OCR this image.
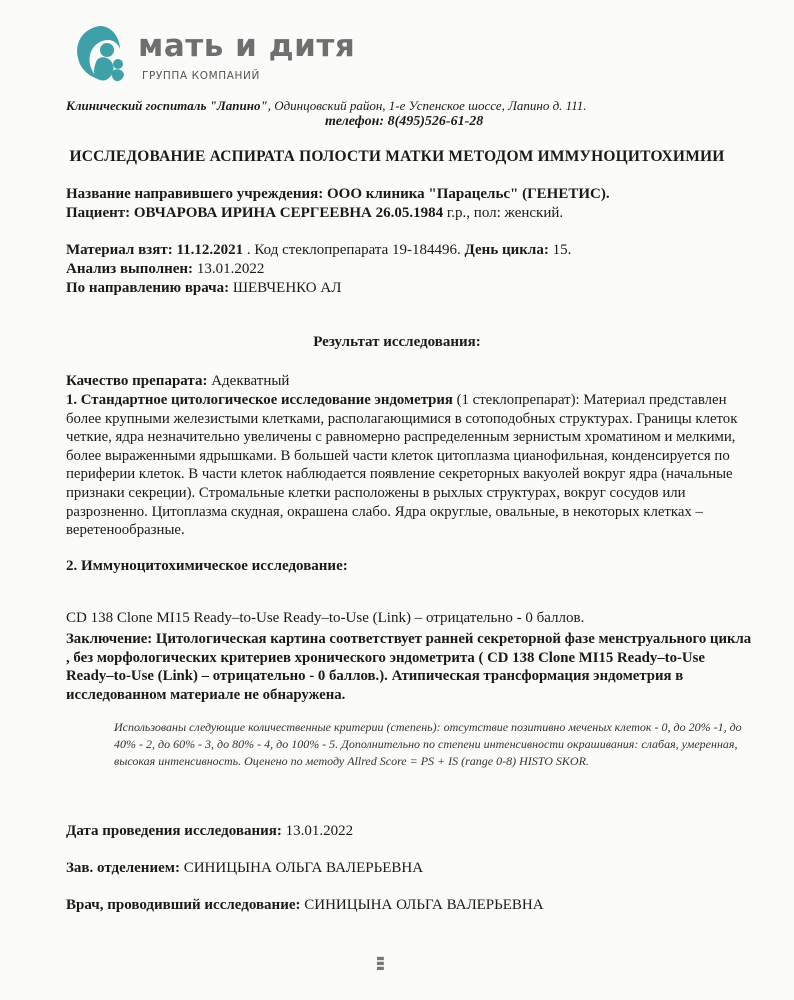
мать и дитя
ГРУППА КОМПАНИЙ
Клинический госпиталь "Лапино", Одинцовский район, 1-е Успенское шоссе, Лапино д. 111.
телефон: 8(495)526-61-28
ИССЛЕДОВАНИЕ АСПИРАТА ПОЛОСТИ МАТКИ МЕТОДОМ ИММУНОЦИТОХИМИИ
Название направившего учреждения: ООО клиника "Парацельс" (ГЕНЕТИС).
Пациент: ОВЧАРОВА ИРИНА СЕРГЕЕВНА 26.05.1984 г.р., пол: женский.
Материал взят: 11.12.2021 . Код стеклопрепарата 19-184496. День цикла: 15.
Анализ выполнен: 13.01.2022
По направлению врача: ШЕВЧЕНКО АЛ
Результат исследования:
Качество препарата: Адекватный
1. Стандартное цитологическое исследование эндометрия (1 стеклопрепарат): Материал представлен более крупными железистыми клетками, располагающимися в сотоподобных структурах. Границы клеток четкие, ядра незначительно увеличены с равномерно распределенным зернистым хроматином и мелкими, более выраженными ядрышками. В большей части клеток цитоплазма цианофильная, конденсируется по периферии клеток. В части клеток наблюдается появление секреторных вакуолей вокруг ядра (начальные признаки секреции). Стромальные клетки расположены в рыхлых структурах, вокруг сосудов или разрозненно. Цитоплазма скудная, окрашена слабо. Ядра округлые, овальные, в некоторых клетках – веретенообразные.
2. Иммуноцитохимическое исследование:
CD 138 Clone MI15 Ready–to-Use Ready–to-Use (Link) – отрицательно - 0 баллов.
Заключение: Цитологическая картина соответствует ранней секреторной фазе менструального цикла , без морфологических критериев хронического эндометрита ( CD 138 Clone MI15 Ready–to-Use Ready–to-Use (Link) – отрицательно - 0 баллов.). Атипическая трансформация эндометрия в исследованном материале не обнаружена.
Использованы следующие количественные критерии (степень): отсутствие позитивно меченых клеток - 0, до 20% -1, до 40% - 2, до 60% - 3, до 80% - 4, до 100% - 5. Дополнительно по степени интенсивности окрашивания: слабая, умеренная, высокая интенсивность. Оценено по методу Allred Score = PS + IS (range 0-8) HISTO SKOR.
Дата проведения исследования: 13.01.2022
Зав. отделением: СИНИЦЫНА ОЛЬГА ВАЛЕРЬЕВНА
Врач, проводивший исследование: СИНИЦЫНА ОЛЬГА ВАЛЕРЬЕВНА
▮▮▮
